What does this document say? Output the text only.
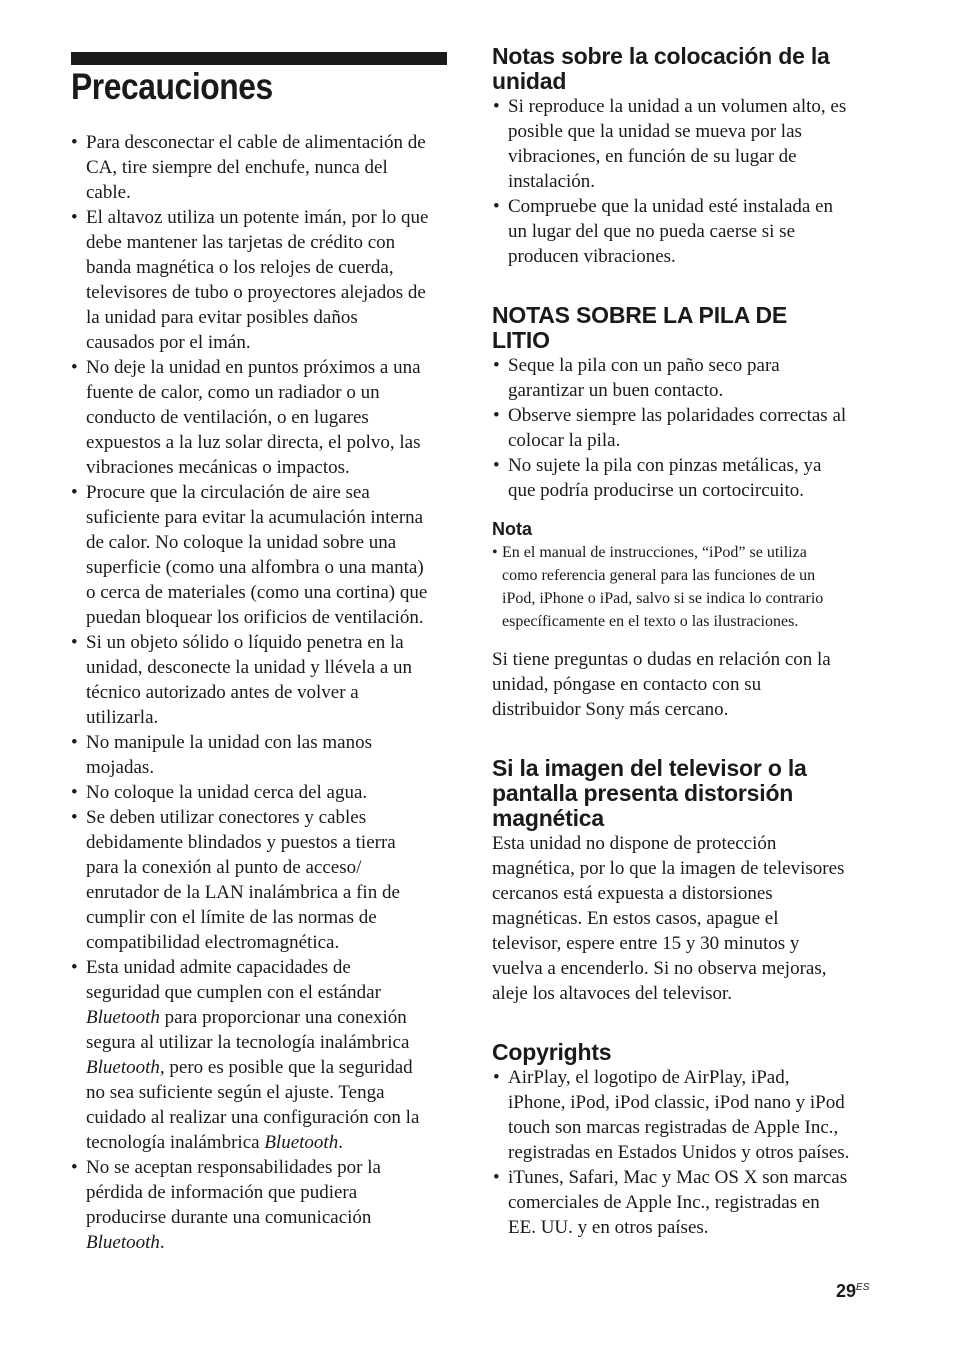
Precauciones
• Para desconectar el cable de alimentación de
CA, tire siempre del enchufe, nunca del
cable.
• El altavoz utiliza un potente imán, por lo que
debe mantener las tarjetas de crédito con
banda magnética o los relojes de cuerda,
televisores de tubo o proyectores alejados de
la unidad para evitar posibles daños
causados por el imán.
• No deje la unidad en puntos próximos a una
fuente de calor, como un radiador o un
conducto de ventilación, o en lugares
expuestos a la luz solar directa, el polvo, las
vibraciones mecánicas o impactos.
• Procure que la circulación de aire sea
suficiente para evitar la acumulación interna
de calor. No coloque la unidad sobre una
superficie (como una alfombra o una manta)
o cerca de materiales (como una cortina) que
puedan bloquear los orificios de ventilación.
• Si un objeto sólido o líquido penetra en la
unidad, desconecte la unidad y llévela a un
técnico autorizado antes de volver a
utilizarla.
• No manipule la unidad con las manos
mojadas.
• No coloque la unidad cerca del agua.
• Se deben utilizar conectores y cables
debidamente blindados y puestos a tierra
para la conexión al punto de acceso/
enrutador de la LAN inalámbrica a fin de
cumplir con el límite de las normas de
compatibilidad electromagnética.
• Esta unidad admite capacidades de
seguridad que cumplen con el estándar
Bluetooth para proporcionar una conexión
segura al utilizar la tecnología inalámbrica
Bluetooth, pero es posible que la seguridad
no sea suficiente según el ajuste. Tenga
cuidado al realizar una configuración con la
tecnología inalámbrica Bluetooth.
• No se aceptan responsabilidades por la
pérdida de información que pudiera
producirse durante una comunicación
Bluetooth.
Notas sobre la colocación de la
unidad
• Si reproduce la unidad a un volumen alto, es
posible que la unidad se mueva por las
vibraciones, en función de su lugar de
instalación.
• Compruebe que la unidad esté instalada en
un lugar del que no pueda caerse si se
producen vibraciones.
NOTAS SOBRE LA PILA DE
LITIO
• Seque la pila con un paño seco para
garantizar un buen contacto.
• Observe siempre las polaridades correctas al
colocar la pila.
• No sujete la pila con pinzas metálicas, ya
que podría producirse un cortocircuito.
Nota
• En el manual de instrucciones, “iPod” se utiliza
como referencia general para las funciones de un
iPod, iPhone o iPad, salvo si se indica lo contrario
específicamente en el texto o las ilustraciones.

Si tiene preguntas o dudas en relación con la
unidad, póngase en contacto con su
distribuidor Sony más cercano.

Si la imagen del televisor o la
pantalla presenta distorsión
magnética

Esta unidad no dispone de protección
magnética, por lo que la imagen de televisores
cercanos está expuesta a distorsiones
magnéticas. En estos casos, apague el
televisor, espere entre 15 y 30 minutos y
vuelva a encenderlo. Si no observa mejoras,
aleje los altavoces del televisor.

Copyrights
• AirPlay, el logotipo de AirPlay, iPad,
iPhone, iPod, iPod classic, iPod nano y iPod
touch son marcas registradas de Apple Inc.,
registradas en Estados Unidos y otros países.
• iTunes, Safari, Mac y Mac OS X son marcas
comerciales de Apple Inc., registradas en
EE. UU. y en otros países.
$29^{ES}$
